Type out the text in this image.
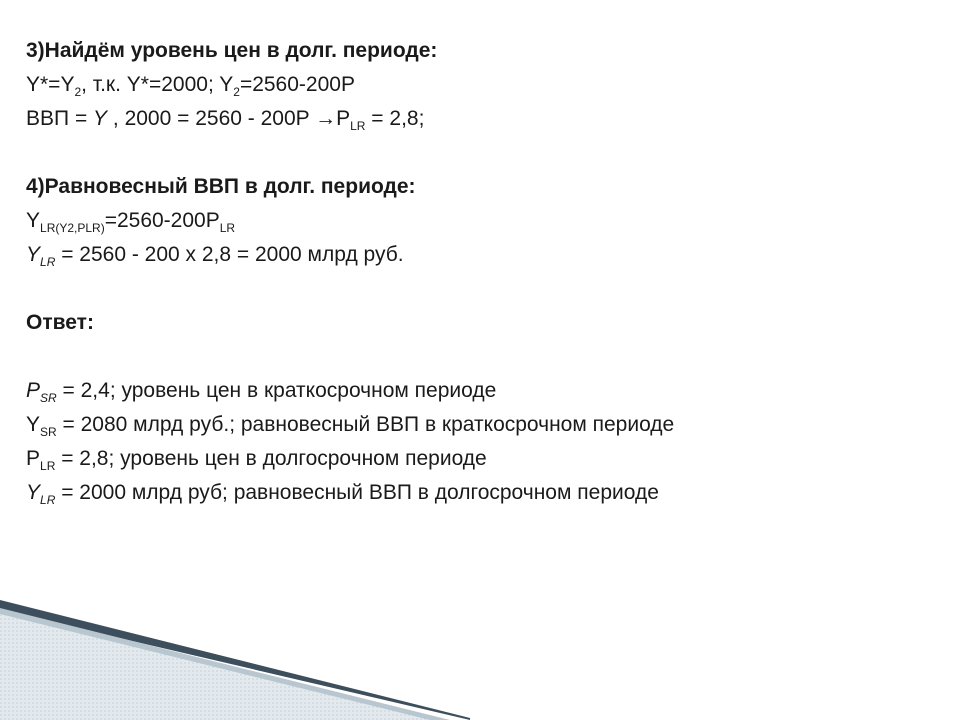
3)Найдём уровень цен в долг. периоде:
$Y*=Y_2$, т.к. Y*=2000; $Y_2=2560-200P$
ВВП = Y , $2000 = 2560 - 200P \to P_{LR} = 2,8$;
4)Равновесный ВВП в долг. периоде:
$Y_{LR(Y2,PLR)}=2560-200P_{LR}$
$Y_{LR} = 2560 - 200$ х 2,8 = 2000 млрд руб.
Ответ:
$P_{SR} = 2,4$; уровень цен в краткосрочном периоде
$Y_{SR} = 2080$ млрд руб.; равновесный ВВП в краткосрочном периоде
$P_{LR} = 2,8$; уровень цен в долгосрочном периоде
$Y_{LR} = 2000$ млрд руб; равновесный ВВП в долгосрочном периоде
